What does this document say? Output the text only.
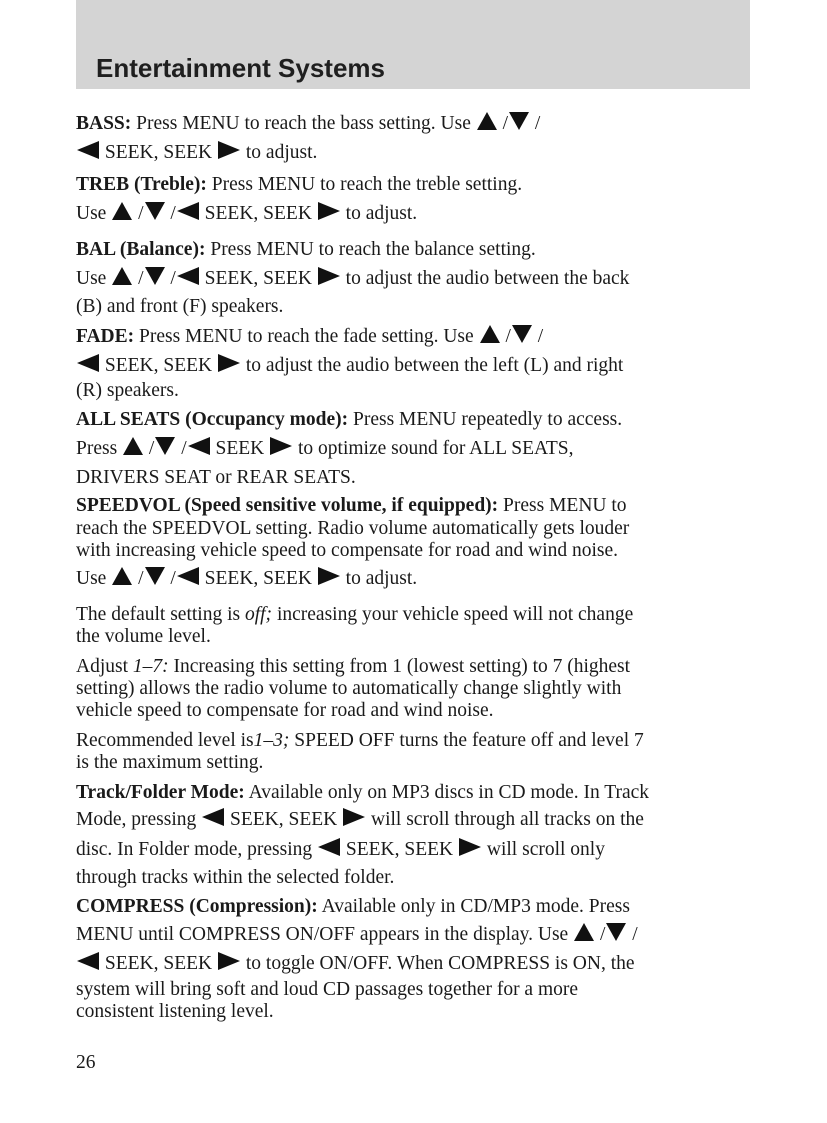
Entertainment Systems
BASS: Press MENU to reach the bass setting. Use  / /
SEEK, SEEK  to adjust.
TREB (Treble): Press MENU to reach the treble setting.
Use  / / SEEK, SEEK  to adjust.
BAL (Balance): Press MENU to reach the balance setting.
Use  / / SEEK, SEEK  to adjust the audio between the back
(B) and front (F) speakers.
FADE: Press MENU to reach the fade setting. Use  / /
SEEK, SEEK  to adjust the audio between the left (L) and right
(R) speakers.
ALL SEATS (Occupancy mode): Press MENU repeatedly to access.
Press  / / SEEK  to optimize sound for ALL SEATS,
DRIVERS SEAT or REAR SEATS.
SPEEDVOL (Speed sensitive volume, if equipped): Press MENU to
reach the SPEEDVOL setting. Radio volume automatically gets louder
with increasing vehicle speed to compensate for road and wind noise.
Use  / / SEEK, SEEK  to adjust.
The default setting is off; increasing your vehicle speed will not change
the volume level.
Adjust 1–7: Increasing this setting from 1 (lowest setting) to 7 (highest
setting) allows the radio volume to automatically change slightly with
vehicle speed to compensate for road and wind noise.
Recommended level is1–3; SPEED OFF turns the feature off and level 7
is the maximum setting.
Track/Folder Mode: Available only on MP3 discs in CD mode. In Track
Mode, pressing  SEEK, SEEK  will scroll through all tracks on the
disc. In Folder mode, pressing  SEEK, SEEK  will scroll only
through tracks within the selected folder.
COMPRESS (Compression): Available only in CD/MP3 mode. Press
MENU until COMPRESS ON/OFF appears in the display. Use  / /
SEEK, SEEK  to toggle ON/OFF. When COMPRESS is ON, the
system will bring soft and loud CD passages together for a more
consistent listening level.
26
